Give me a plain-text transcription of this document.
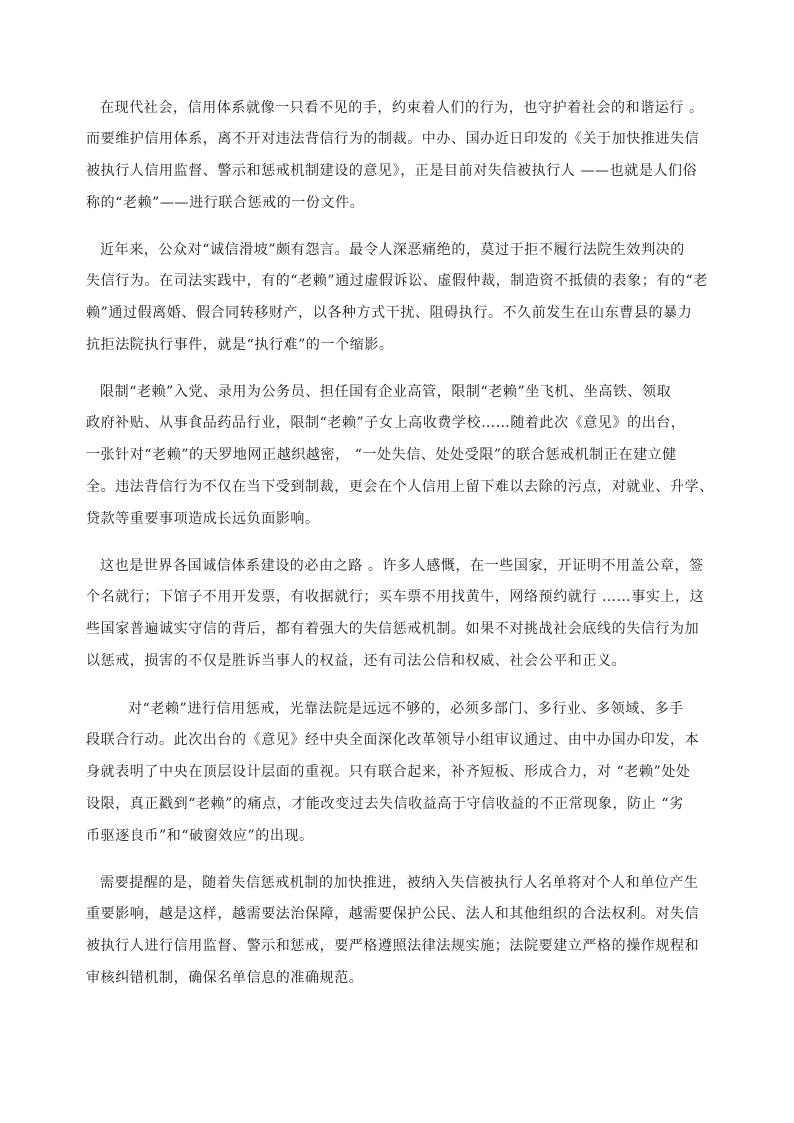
在现代社会，信用体系就像一只看不见的手，约束着人们的行为，也守护着社会的和谐运行 。
而要维护信用体系，离不开对违法背信行为的制裁。中办、国办近日印发的《关于加快推进失信
被执行人信用监督、警示和惩戒机制建设的意见》，正是目前对失信被执行人 ——也就是人们俗
称的“老赖”——进行联合惩戒的一份文件。
近年来，公众对“诚信滑坡”颇有怨言。最令人深恶痛绝的，莫过于拒不履行法院生效判决的
失信行为。在司法实践中，有的“老赖”通过虚假诉讼、虚假仲裁，制造资不抵债的表象；有的“老
赖”通过假离婚、假合同转移财产，以各种方式干扰、阻碍执行。不久前发生在山东曹县的暴力
抗拒法院执行事件，就是“执行难”的一个缩影。
限制“老赖”入党、录用为公务员、担任国有企业高管，限制“老赖”坐飞机、坐高铁、领取
政府补贴、从事食品药品行业，限制“老赖”子女上高收费学校……随着此次《意见》的出台，
一张针对“老赖”的天罗地网正越织越密， “一处失信、处处受限”的联合惩戒机制正在建立健
全。违法背信行为不仅在当下受到制裁，更会在个人信用上留下难以去除的污点，对就业、升学、
贷款等重要事项造成长远负面影响。
这也是世界各国诚信体系建设的必由之路 。许多人感慨，在一些国家，开证明不用盖公章，签
个名就行；下馆子不用开发票，有收据就行；买车票不用找黄牛，网络预约就行 ……事实上，这
些国家普遍诚实守信的背后，都有着强大的失信惩戒机制。如果不对挑战社会底线的失信行为加
以惩戒，损害的不仅是胜诉当事人的权益，还有司法公信和权威、社会公平和正义。
对“老赖”进行信用惩戒，光靠法院是远远不够的，必须多部门、多行业、多领域、多手
段联合行动。此次出台的《意见》经中央全面深化改革领导小组审议通过、由中办国办印发，本
身就表明了中央在顶层设计层面的重视。只有联合起来，补齐短板、形成合力，对 “老赖”处处
设限，真正戳到“老赖”的痛点，才能改变过去失信收益高于守信收益的不正常现象，防止 “劣
币驱逐良币”和“破窗效应”的出现。
需要提醒的是，随着失信惩戒机制的加快推进，被纳入失信被执行人名单将对个人和单位产生
重要影响，越是这样，越需要法治保障，越需要保护公民、法人和其他组织的合法权利。对失信
被执行人进行信用监督、警示和惩戒，要严格遵照法律法规实施；法院要建立严格的操作规程和
审核纠错机制，确保名单信息的准确规范。
